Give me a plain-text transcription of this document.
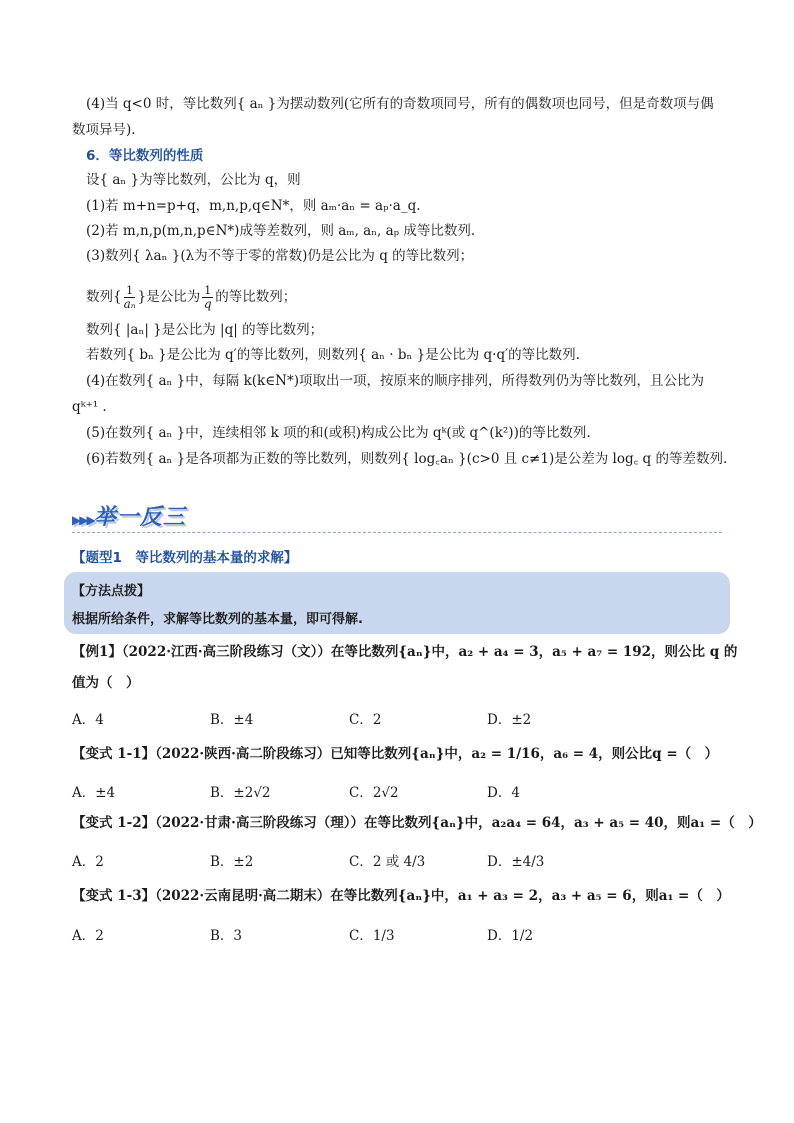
(4)当 q<0 时，等比数列{ aₙ }为摆动数列(它所有的奇数项同号，所有的偶数项也同号，但是奇数项与偶
数项异号).
6．等比数列的性质
设{ aₙ }为等比数列，公比为 q，则
(1)若 m+n=p+q，m,n,p,q∈N*，则 aₘ·aₙ = aₚ·a_q.
(2)若 m,n,p(m,n,p∈N*)成等差数列，则 aₘ, aₙ, aₚ 成等比数列.
(3)数列{ λaₙ }(λ为不等于零的常数)仍是公比为 q 的等比数列；
数列{ $\frac{1}{\text{aₙ}}$ }是公比为 $\frac{1}{q}$ 的等比数列；
数列{ |aₙ| }是公比为 |q| 的等比数列；
若数列{ bₙ }是公比为 q′的等比数列，则数列{ aₙ · bₙ }是公比为 q·q′的等比数列.
(4)在数列{ aₙ }中，每隔 k(k∈N*)项取出一项，按原来的顺序排列，所得数列仍为等比数列，且公比为
qᵏ⁺¹ .
(5)在数列{ aₙ }中，连续相邻 k 项的和(或积)构成公比为 qᵏ(或 q^(k²))的等比数列.
(6)若数列{ aₙ }是各项都为正数的等比数列，则数列{ log꜀aₙ }(c>0 且 c≠1)是公差为 log꜀ q 的等差数列.
▶▶▶举一反三
【题型1　等比数列的基本量的求解】
【方法点拨】
根据所给条件，求解等比数列的基本量，即可得解.
【例1】（2022·江西·高三阶段练习（文））在等比数列{aₙ}中，a₂ + a₄ = 3，a₅ + a₇ = 192，则公比 q 的
值为（　）
A．4	B．±4	C．2	D．±2
【变式 1-1】（2022·陕西·高二阶段练习）已知等比数列{aₙ}中，a₂ = 1/16，a₆ = 4，则公比q =（　）
A．±4	B．±2√2	C．2√2	D．4
【变式 1-2】（2022·甘肃·高三阶段练习（理））在等比数列{aₙ}中，a₂a₄ = 64，a₃ + a₅ = 40，则a₁ =（　）
A．2	B．±2	C．2 或 4/3	D．±4/3
【变式 1-3】（2022·云南昆明·高二期末）在等比数列{aₙ}中，a₁ + a₃ = 2，a₃ + a₅ = 6，则a₁ =（　）
A．2	B．3	C．1/3	D．1/2
